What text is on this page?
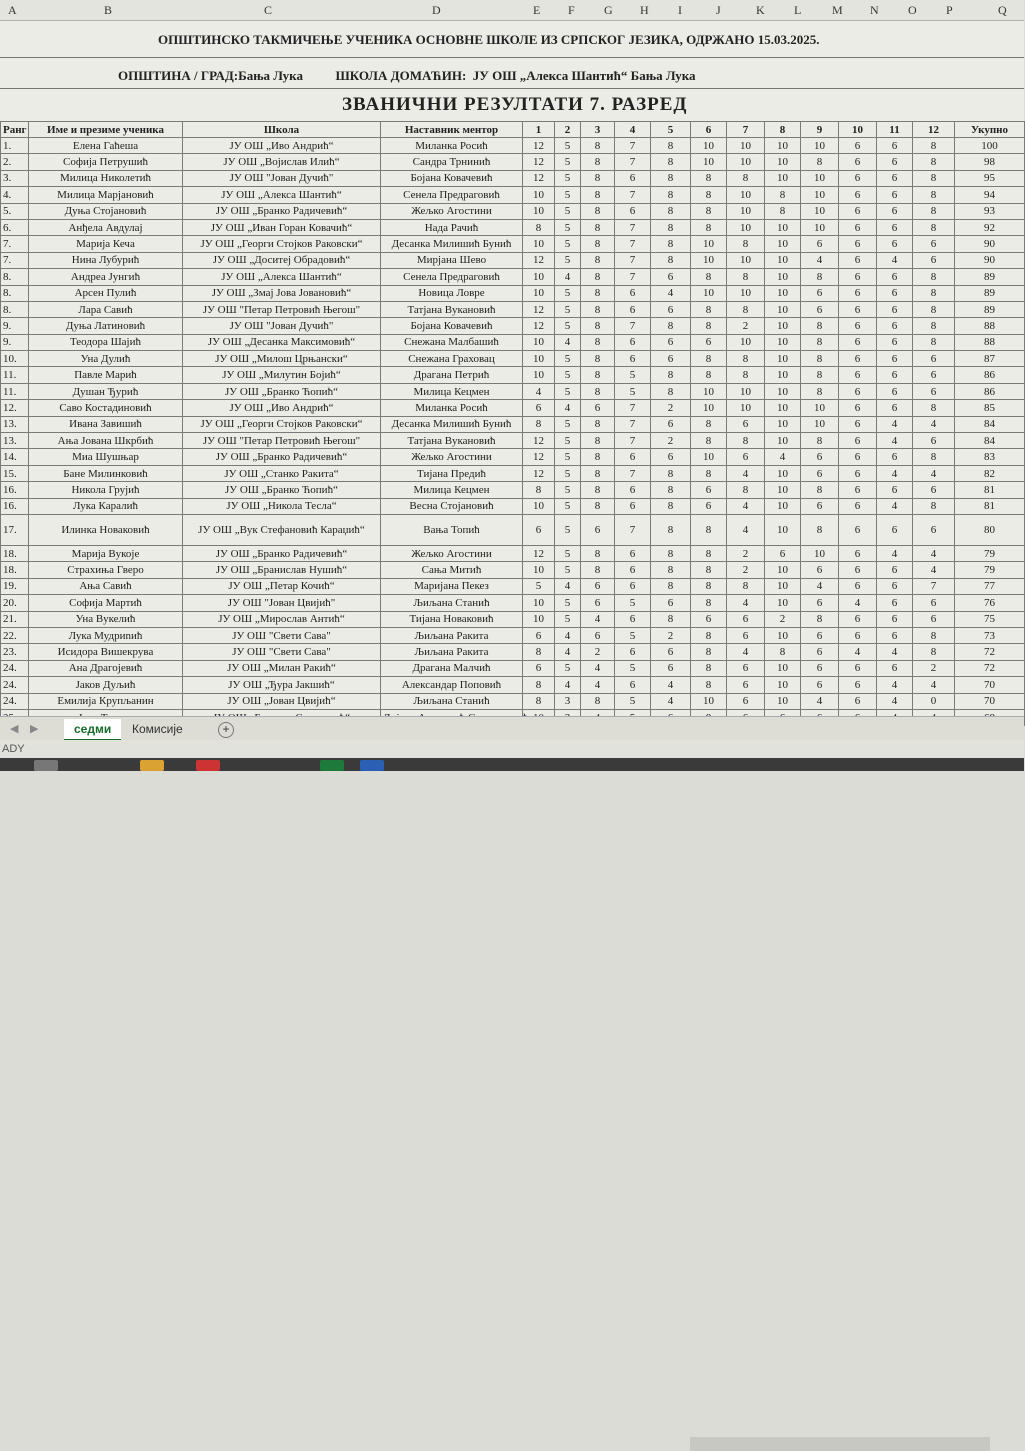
A	B	C	D	E F G H I	J	K L	M N O P	Q
ОПШТИНСКО ТАКМИЧЕЊЕ УЧЕНИКА ОСНОВНЕ ШКОЛЕ ИЗ СРПСКОГ ЈЕЗИКА, ОДРЖАНО 15.03.2025.
ОПШТИНА / ГРАД:Бања Лука          ШКОЛА ДОМАЋИН:  ЈУ ОШ „Алекса Шантић“ Бања Лука
ЗВАНИЧНИ РЕЗУЛТАТИ 7. РАЗРЕД
Ранг	Име и презиме ученика	Школа	Наставник ментор	1	2	3	4	5	6	7	8	9	10	11	12	Укупно
1.	Елена Гаћеша	ЈУ ОШ „Иво Андрић“	Миланка Росић	12	5	8	7	8	10	10	10	10	6	6	8	100
2.	Софија Петрушић	ЈУ ОШ „Војислав Илић“	Сандра Трнинић	12	5	8	7	8	10	10	10	8	6	6	8	98
3.	Милица Николетић	ЈУ ОШ "Јован Дучић"	Бојана Ковачевић	12	5	8	6	8	8	8	10	10	6	6	8	95
4.	Милица Марјановић	ЈУ ОШ „Алекса Шантић“	Сенела Предраговић	10	5	8	7	8	8	10	8	10	6	6	8	94
5.	Дуња Стојановић	ЈУ ОШ „Бранко Радичевић“	Жељко Агостини	10	5	8	6	8	8	10	8	10	6	6	8	93
6.	Анђела Авдулај	ЈУ ОШ „Иван Горан Ковачић“	Нада Рачић	8	5	8	7	8	8	10	10	10	6	6	8	92
7.	Марија Кеча	ЈУ ОШ „Георги Стојков Раковски“	Десанка Милишић Бунић	10	5	8	7	8	10	8	10	6	6	6	6	90
7.	Нина Лубурић	ЈУ ОШ „Доситеј Обрадовић“	Мирјана Шево	12	5	8	7	8	10	10	10	4	6	4	6	90
8.	Андреа Јунгић	ЈУ ОШ „Алекса Шантић“	Сенела Предраговић	10	4	8	7	6	8	8	10	8	6	6	8	89
8.	Арсен Пулић	ЈУ ОШ „Змај Јова Јовановић“	Новица Ловре	10	5	8	6	4	10	10	10	6	6	6	8	89
8.	Лара Савић	ЈУ ОШ "Петар Петровић Његош"	Татјана Вукановић	12	5	8	6	6	8	8	10	6	6	6	8	89
9.	Дуња Латиновић	ЈУ ОШ "Јован Дучић"	Бојана Ковачевић	12	5	8	7	8	8	2	10	8	6	6	8	88
9.	Теодора Шајић	ЈУ ОШ „Десанка Максимовић“	Снежана Малбашић	10	4	8	6	6	6	10	10	8	6	6	8	88
10.	Уна Дулић	ЈУ ОШ „Милош Црњански“	Снежана Граховац	10	5	8	6	6	8	8	10	8	6	6	6	87
11.	Павле Марић	ЈУ ОШ „Милутин Бојић“	Драгана Петрић	10	5	8	5	8	8	8	10	8	6	6	6	86
11.	Душан Ђурић	ЈУ ОШ „Бранко Ћопић“	Милица Кецмен	4	5	8	5	8	10	10	10	8	6	6	6	86
12.	Саво Костадиновић	ЈУ ОШ „Иво Андрић“	Миланка Росић	6	4	6	7	2	10	10	10	10	6	6	8	85
13.	Ивана Завишић	ЈУ ОШ „Георги Стојков Раковски“	Десанка Милишић Бунић	8	5	8	7	6	8	6	10	10	6	4	4	84
13.	Ања Јована Шкрбић	ЈУ ОШ "Петар Петровић Његош"	Татјана Вукановић	12	5	8	7	2	8	8	10	8	6	4	6	84
14.	Миа Шушњар	ЈУ ОШ „Бранко Радичевић“	Жељко Агостини	12	5	8	6	6	10	6	4	6	6	6	8	83
15.	Бане Милинковић	ЈУ ОШ „Станко Ракита“	Тијана Предић	12	5	8	7	8	8	4	10	6	6	4	4	82
16.	Никола Грујић	ЈУ ОШ „Бранко Ћопић“	Милица Кецмен	8	5	8	6	8	6	8	10	8	6	6	6	81
16.	Лука Каралић	ЈУ ОШ „Никола Тесла“	Весна Стојановић	10	5	8	6	8	6	4	10	6	6	4	8	81
17.	Илинка Новаковић	ЈУ ОШ „Вук Стефановић Караџић“	Вања Топић	6	5	6	7	8	8	4	10	8	6	6	6	80
18.	Марија Вукоје	ЈУ ОШ „Бранко Радичевић“	Жељко Агостини	12	5	8	6	8	8	2	6	10	6	4	4	79
18.	Страхиња Гверо	ЈУ ОШ „Бранислав Нушић“	Сања Митић	10	5	8	6	8	8	2	10	6	6	6	4	79
19.	Ања Савић	ЈУ ОШ „Петар Кочић“	Маријана Пекез	5	4	6	6	8	8	8	10	4	6	6	7	77
20.	Софија Мартић	ЈУ ОШ "Јован Цвијић"	Љиљана Станић	10	5	6	5	6	8	4	10	6	4	6	6	76
21.	Уна Вукелић	ЈУ ОШ „Мирослав Антић“	Тијана Новаковић	10	5	4	6	8	6	6	2	8	6	6	6	75
22.	Лука Мудриnић	ЈУ ОШ "Свети Сава"	Љиљана Ракита	6	4	6	5	2	8	6	10	6	6	6	8	73
23.	Исидора Вишекрува	ЈУ ОШ "Свети Сава"	Љиљана Ракита	8	4	2	6	6	8	4	8	6	4	4	8	72
24.	Ана Драгојевић	ЈУ ОШ „Милан Ракић“	Драгана Малчић	6	5	4	5	6	8	6	10	6	6	6	2	72
24.	Јаков Дуљић	ЈУ ОШ „Ђура Јакшић“	Александар Поповић	8	4	4	6	4	8	6	10	6	6	4	4	70
24.	Емилија Крупљанин	ЈУ ОШ „Јован Цвијић“	Љиљана Станић	8	3	8	5	4	10	6	10	4	6	4	0	70

◀ ▶	седми	Комисије	+
ADY
